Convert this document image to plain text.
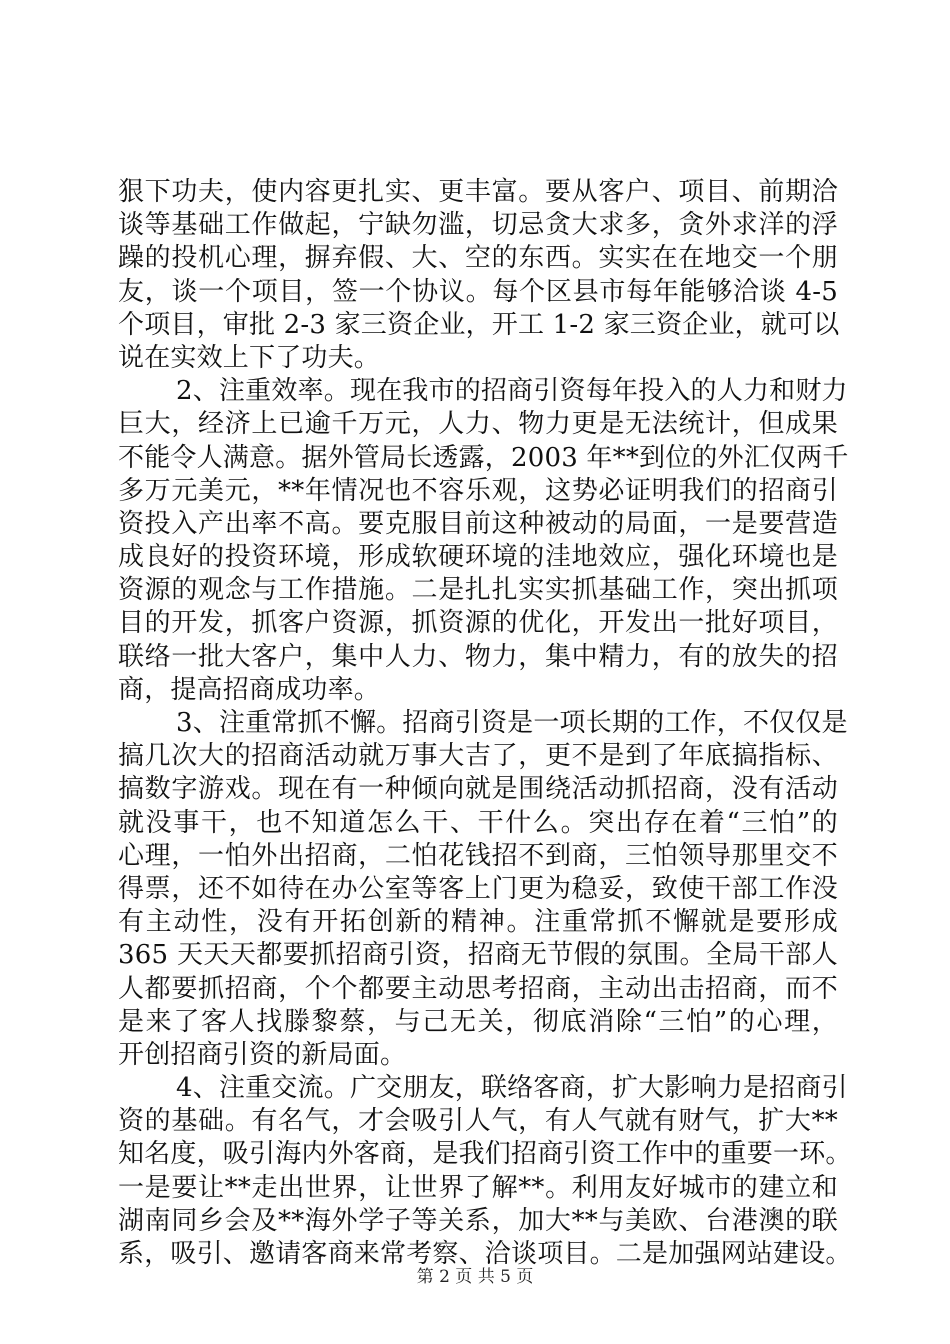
狠下功夫，使内容更扎实、更丰富。要从客户、项目、前期洽
谈等基础工作做起，宁缺勿滥，切忌贪大求多，贪外求洋的浮
躁的投机心理，摒弃假、大、空的东西。实实在在地交一个朋
友，谈一个项目，签一个协议。每个区县市每年能够洽谈 4-5
个项目，审批 2-3 家三资企业，开工 1-2 家三资企业，就可以
说在实效上下了功夫。
2、注重效率。现在我市的招商引资每年投入的人力和财力
巨大，经济上已逾千万元，人力、物力更是无法统计，但成果
不能令人满意。据外管局长透露，2003 年**到位的外汇仅两千
多万元美元，**年情况也不容乐观，这势必证明我们的招商引
资投入产出率不高。要克服目前这种被动的局面，一是要营造
成良好的投资环境，形成软硬环境的洼地效应，强化环境也是
资源的观念与工作措施。二是扎扎实实抓基础工作，突出抓项
目的开发，抓客户资源，抓资源的优化，开发出一批好项目，
联络一批大客户，集中人力、物力，集中精力，有的放失的招
商，提高招商成功率。
3、注重常抓不懈。招商引资是一项长期的工作，不仅仅是
搞几次大的招商活动就万事大吉了，更不是到了年底搞指标、
搞数字游戏。现在有一种倾向就是围绕活动抓招商，没有活动
就没事干，也不知道怎么干、干什么。突出存在着“三怕”的
心理，一怕外出招商，二怕花钱招不到商，三怕领导那里交不
得票，还不如待在办公室等客上门更为稳妥，致使干部工作没
有主动性，没有开拓创新的精神。注重常抓不懈就是要形成
365 天天天都要抓招商引资，招商无节假的氛围。全局干部人
人都要抓招商，个个都要主动思考招商，主动出击招商，而不
是来了客人找滕黎蔡，与己无关，彻底消除“三怕”的心理，
开创招商引资的新局面。
4、注重交流。广交朋友，联络客商，扩大影响力是招商引
资的基础。有名气，才会吸引人气，有人气就有财气，扩大**
知名度，吸引海内外客商，是我们招商引资工作中的重要一环。
一是要让**走出世界，让世界了解**。利用友好城市的建立和
湖南同乡会及**海外学子等关系，加大**与美欧、台港澳的联
系，吸引、邀请客商来常考察、洽谈项目。二是加强网站建设。
第 2 页 共 5 页
